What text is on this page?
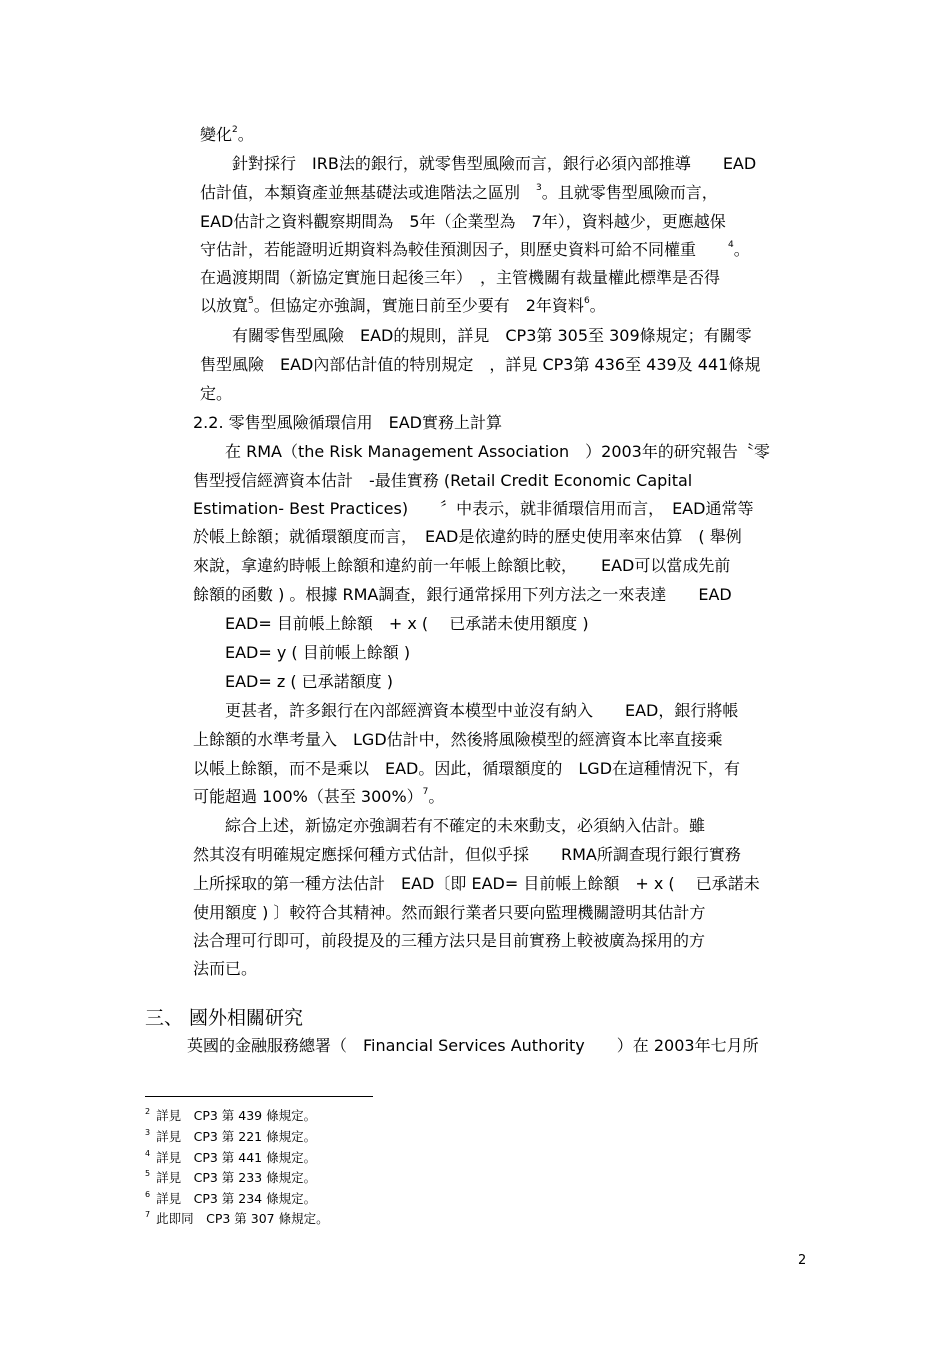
變化$^2$。
　　針對採行　IRB法的銀行，就零售型風險而言，銀行必須內部推導　　EAD
估計值，本類資產並無基礎法或進階法之區別　$^3$。且就零售型風險而言，
EAD估計之資料觀察期間為　5年（企業型為　7年），資料越少，更應越保
守估計，若能證明近期資料為較佳預測因子，則歷史資料可給不同權重　　$^4$。
在過渡期間（新協定實施日起後三年）　，主管機關有裁量權此標準是否得
以放寬$^5$。但協定亦強調，實施日前至少要有　2年資料$^6$。
　　有關零售型風險　EAD的規則，詳見　CP3第 305至 309條規定；有關零
售型風險　EAD內部估計值的特別規定　，詳見 CP3第 436至 439及 441條規
定。
2.2. 零售型風險循環信用　EAD實務上計算
　　在 RMA（the Risk Management Association　）2003年的研究報告〝零
售型授信經濟資本估計　-最佳實務 (Retail Credit Economic Capital
Estimation- Best Practices)　　〞中表示，就非循環信用而言，　EAD通常等
於帳上餘額；就循環額度而言，　EAD是依違約時的歷史使用率來估算　( 舉例
來說，拿違約時帳上餘額和違約前一年帳上餘額比較，　　EAD可以當成先前
餘額的函數 ) 。根據 RMA調查，銀行通常採用下列方法之一來表達　　EAD
　　EAD= 目前帳上餘額　+ x ( 　已承諾未使用額度 )
　　EAD= y ( 目前帳上餘額 )
　　EAD= z ( 已承諾額度 )
　　更甚者，許多銀行在內部經濟資本模型中並沒有納入　　EAD，銀行將帳
上餘額的水準考量入　LGD估計中，然後將風險模型的經濟資本比率直接乘
以帳上餘額，而不是乘以　EAD。因此，循環額度的　LGD在這種情況下，有
可能超過 100%（甚至 300%）$^7$。
　　綜合上述，新協定亦強調若有不確定的未來動支，必須納入估計。雖
然其沒有明確規定應採何種方式估計，但似乎採　　RMA所調查現行銀行實務
上所採取的第一種方法估計　EAD〔即 EAD= 目前帳上餘額　+ x ( 　已承諾未
使用額度 ) 〕較符合其精神。然而銀行業者只要向監理機關證明其估計方
法合理可行即可，前段提及的三種方法只是目前實務上較被廣為採用的方
法而已。
三、 國外相關研究
英國的金融服務總署（　Financial Services Authority　　）在 2003年七月所
$^2$ 詳見　CP3 第 439 條規定。
$^3$ 詳見　CP3 第 221 條規定。
$^4$ 詳見　CP3 第 441 條規定。
$^5$ 詳見　CP3 第 233 條規定。
$^6$ 詳見　CP3 第 234 條規定。
$^7$ 此即同　CP3 第 307 條規定。
2
